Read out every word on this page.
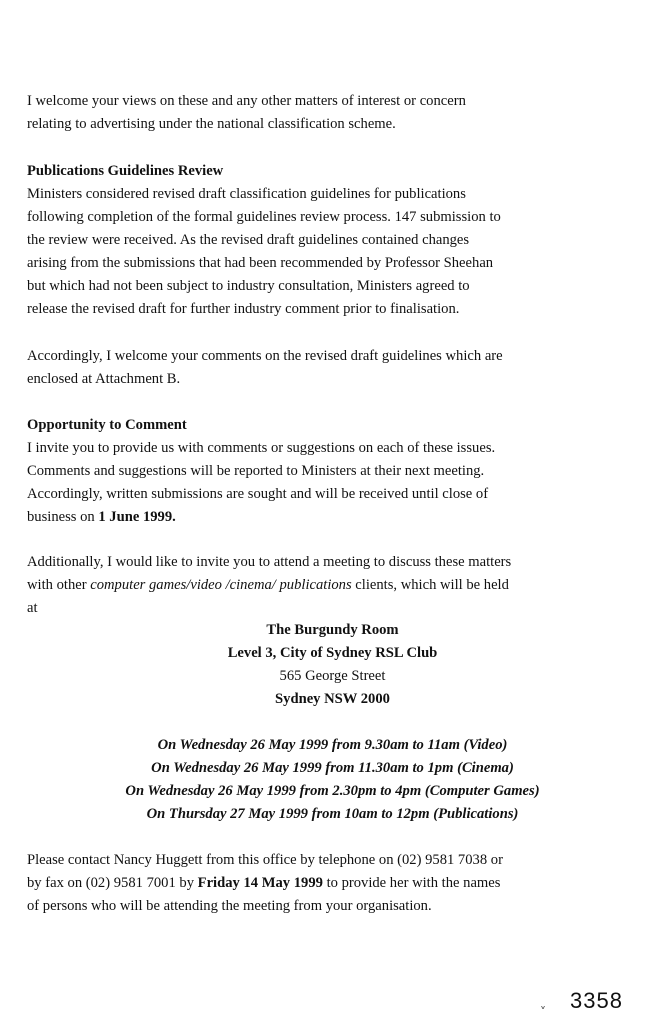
I welcome your views on these and any other matters of interest or concern
relating to advertising under the national classification scheme.

Publications Guidelines Review

Ministers considered revised draft classification guidelines for publications
following completion of the formal guidelines review process. 147 submission to
the review were received. As the revised draft guidelines contained changes
arising from the submissions that had been recommended by Professor Sheehan
but which had not been subject to industry consultation, Ministers agreed to
release the revised draft for further industry comment prior to finalisation.

Accordingly, I welcome your comments on the revised draft guidelines which are
enclosed at Attachment B.

Opportunity to Comment

I invite you to provide us with comments or suggestions on each of these issues.
Comments and suggestions will be reported to Ministers at their next meeting.
Accordingly, written submissions are sought and will be received until close of
business on 1 June 1999.

Additionally, I would like to invite you to attend a meeting to discuss these matters
with other computer games/video /cinema/ publications clients, which will be held
at

The Burgundy Room
Level 3, City of Sydney RSL Club
565 George Street
Sydney NSW 2000
On Wednesday 26 May 1999 from 9.30am to 11am (Video)
On Wednesday 26 May 1999 from 11.30am to 1pm (Cinema)
On Wednesday 26 May 1999 from 2.30pm to 4pm (Computer Games)
On Thursday 27 May 1999 from 10am to 12pm (Publications)

Please contact Nancy Huggett from this office by telephone on (02) 9581 7038 or
by fax on (02) 9581 7001 by Friday 14 May 1999 to provide her with the names
of persons who will be attending the meeting from your organisation.

ˬ 3358
